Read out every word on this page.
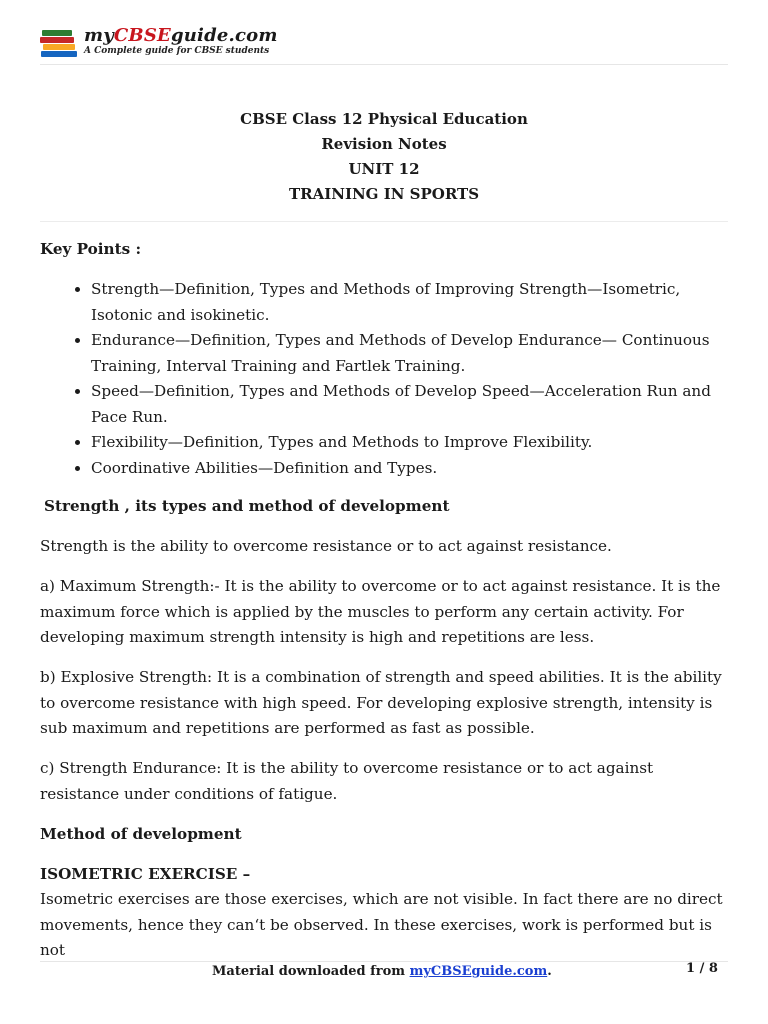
myCBSEguide.com
A Complete guide for CBSE students
CBSE Class 12 Physical Education
Revision Notes
UNIT 12
TRAINING IN SPORTS

Key Points :

• Strength—Definition, Types and Methods of Improving Strength—Isometric, Isotonic and isokinetic.
• Endurance—Definition, Types and Methods of Develop Endurance— Continuous Training, Interval Training and Fartlek Training.
• Speed—Definition, Types and Methods of Develop Speed—Acceleration Run and Pace Run.
• Flexibility—Definition, Types and Methods to Improve Flexibility.
• Coordinative Abilities—Definition and Types.

Strength , its types and method of development

Strength is the ability to overcome resistance or to act against resistance.

a) Maximum Strength:- It is the ability to overcome or to act against resistance. It is the maximum force which is applied by the muscles to perform any certain activity. For developing maximum strength intensity is high and repetitions are less.

b) Explosive Strength: It is a combination of strength and speed abilities. It is the ability to overcome resistance with high speed. For developing explosive strength, intensity is sub maximum and repetitions are performed as fast as possible.

c) Strength Endurance: It is the ability to overcome resistance or to act against resistance under conditions of fatigue.

Method of development

ISOMETRIC EXERCISE –
Isometric exercises are those exercises, which are not visible. In fact there are no direct movements, hence they can‘t be observed. In these exercises, work is performed but is not

Material downloaded from myCBSEguide.com.	1 / 8
